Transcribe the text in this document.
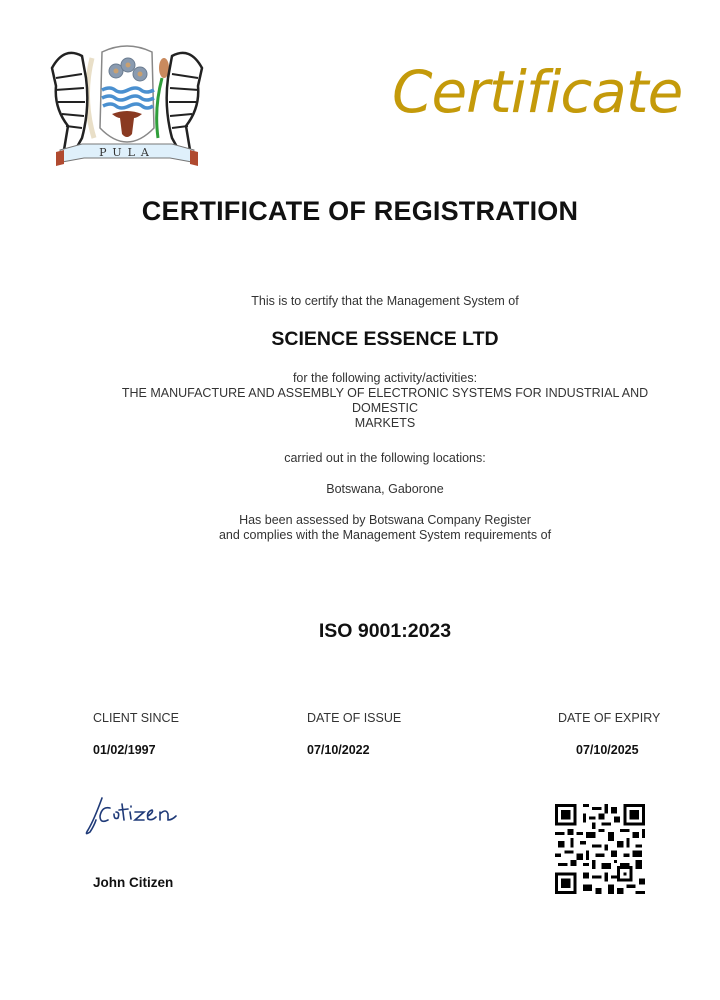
PULA
Certificate
CERTIFICATE OF REGISTRATION
This is to certify that the Management System of
SCIENCE ESSENCE LTD
for the following activity/activities:
THE MANUFACTURE AND ASSEMBLY OF ELECTRONIC SYSTEMS FOR INDUSTRIAL AND
DOMESTIC
MARKETS
carried out in the following locations:
Botswana, Gaborone
Has been assessed by Botswana Company Register
and complies with the Management System requirements of
ISO 9001:2023
CLIENT SINCE
01/02/1997
DATE OF ISSUE
07/10/2022
DATE OF EXPIRY
07/10/2025
John Citizen
